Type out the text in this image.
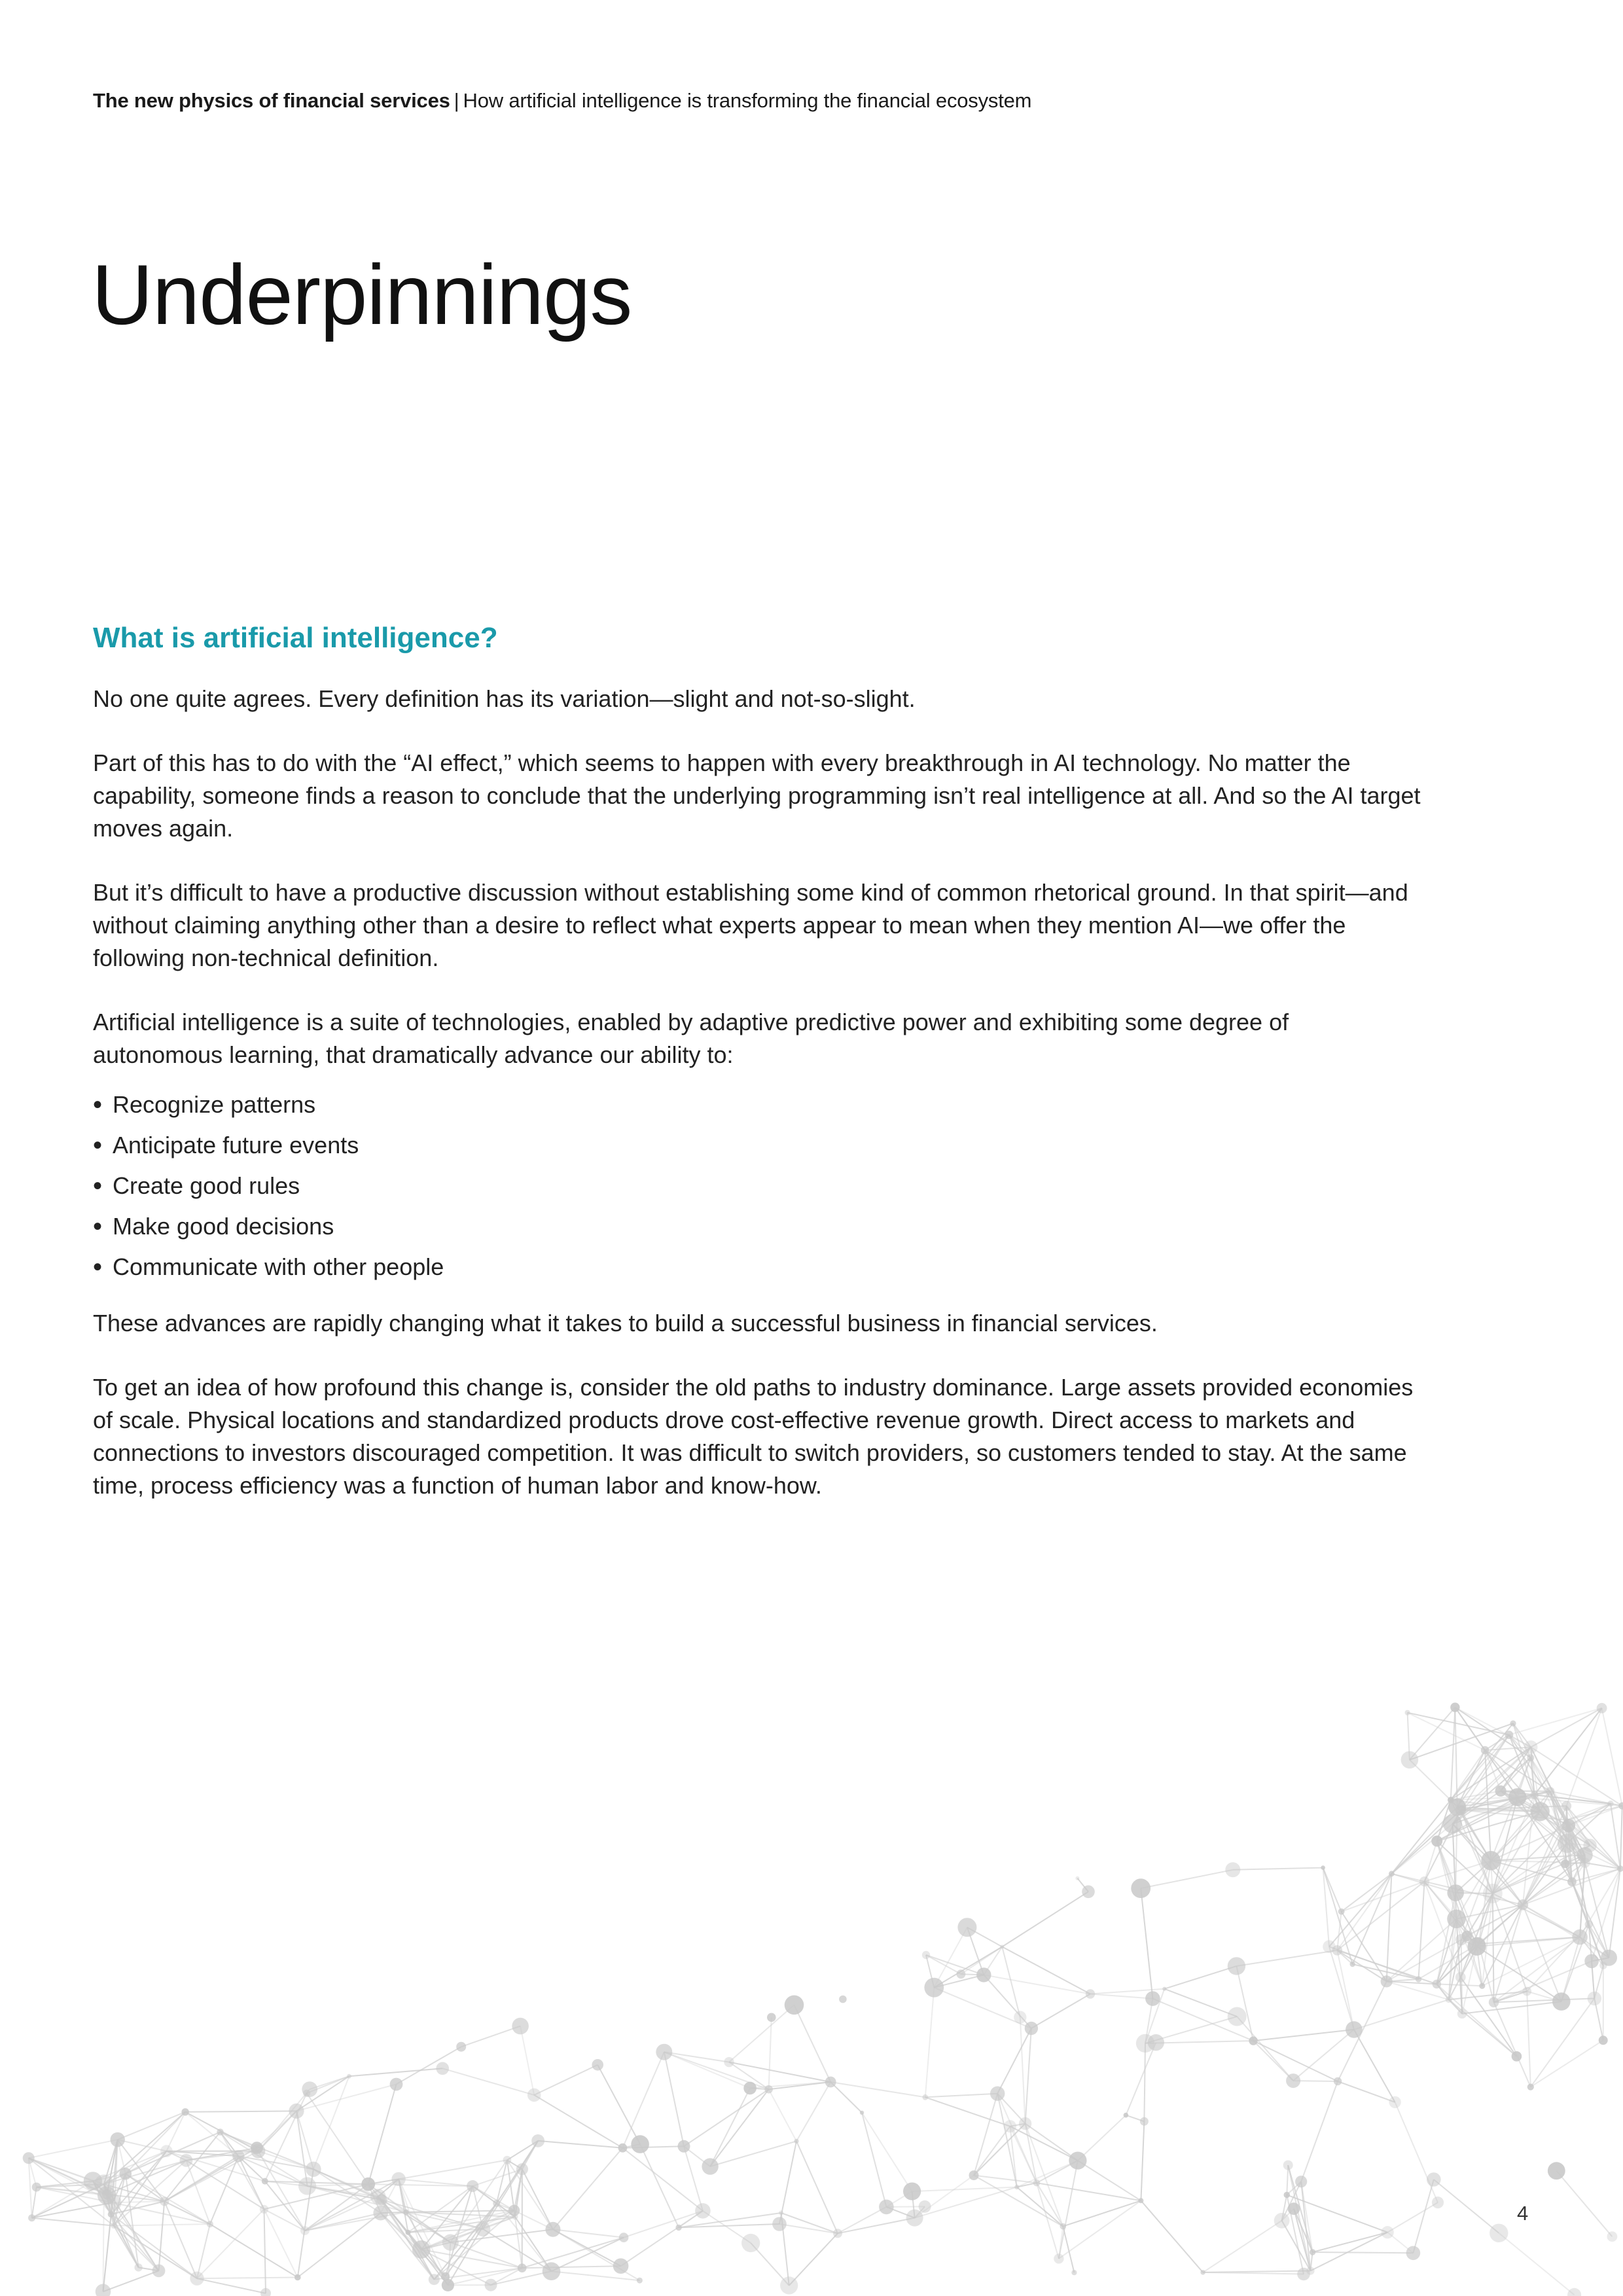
The new physics of financial services | How artificial intelligence is transforming the financial ecosystem
Underpinnings
What is artificial intelligence?

No one quite agrees. Every definition has its variation—slight and not-so-slight.

Part of this has to do with the “AI effect,” which seems to happen with every breakthrough in AI technology. No matter the capability, someone finds a reason to conclude that the underlying programming isn’t real intelligence at all. And so the AI target moves again.

But it’s difficult to have a productive discussion without establishing some kind of common rhetorical ground. In that spirit—and without claiming anything other than a desire to reflect what experts appear to mean when they mention AI—we offer the following non-technical definition.

Artificial intelligence is a suite of technologies, enabled by adaptive predictive power and exhibiting some degree of autonomous learning, that dramatically advance our ability to:

• Recognize patterns
• Anticipate future events
• Create good rules
• Make good decisions
• Communicate with other people

These advances are rapidly changing what it takes to build a successful business in financial services.

To get an idea of how profound this change is, consider the old paths to industry dominance. Large assets provided economies of scale. Physical locations and standardized products drove cost-effective revenue growth. Direct access to markets and connections to investors discouraged competition. It was difficult to switch providers, so customers tended to stay. At the same time, process efficiency was a function of human labor and know-how.

4
